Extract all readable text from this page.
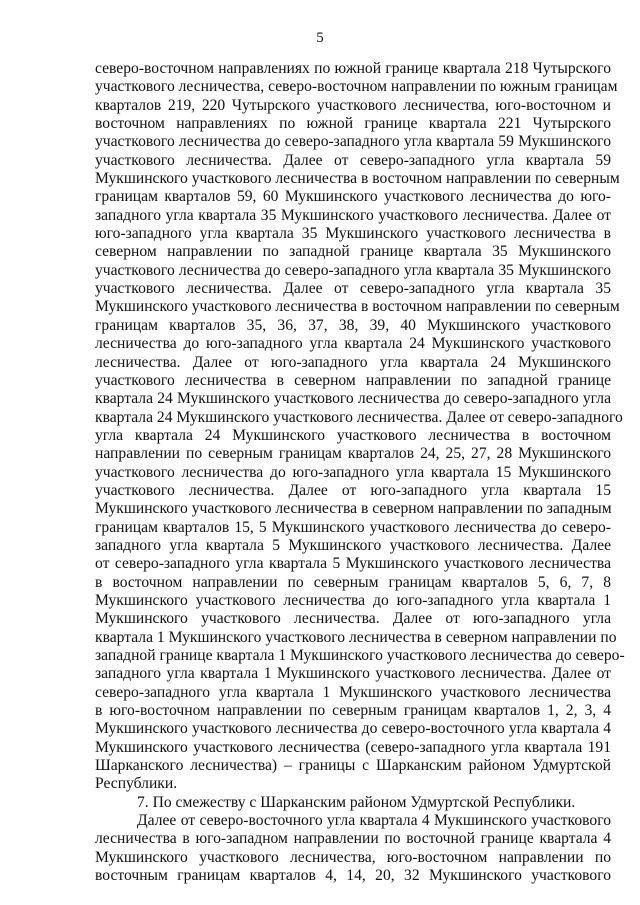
5
северо-восточном направлениях по южной границе квартала 218 Чутырского
участкового лесничества, северо-восточном направлении по южным границам
кварталов 219, 220 Чутырского участкового лесничества, юго-восточном и
восточном направлениях по южной границе квартала 221 Чутырского
участкового лесничества до северо-западного угла квартала 59 Мукшинского
участкового лесничества. Далее от северо-западного угла квартала 59
Мукшинского участкового лесничества в восточном направлении по северным
границам кварталов 59, 60 Мукшинского участкового лесничества до юго-
западного угла квартала 35 Мукшинского участкового лесничества. Далее от
юго-западного угла квартала 35 Мукшинского участкового лесничества в
северном направлении по западной границе квартала 35 Мукшинского
участкового лесничества до северо-западного угла квартала 35 Мукшинского
участкового лесничества. Далее от северо-западного угла квартала 35
Мукшинского участкового лесничества в восточном направлении по северным
границам кварталов 35, 36, 37, 38, 39, 40 Мукшинского участкового
лесничества до юго-западного угла квартала 24 Мукшинского участкового
лесничества. Далее от юго-западного угла квартала 24 Мукшинского
участкового лесничества в северном направлении по западной границе
квартала 24 Мукшинского участкового лесничества до северо-западного угла
квартала 24 Мукшинского участкового лесничества. Далее от северо-западного
угла квартала 24 Мукшинского участкового лесничества в восточном
направлении по северным границам кварталов 24, 25, 27, 28 Мукшинского
участкового лесничества до юго-западного угла квартала 15 Мукшинского
участкового лесничества. Далее от юго-западного угла квартала 15
Мукшинского участкового лесничества в северном направлении по западным
границам кварталов 15, 5 Мукшинского участкового лесничества до северо-
западного угла квартала 5 Мукшинского участкового лесничества. Далее
от северо-западного угла квартала 5 Мукшинского участкового лесничества
в восточном направлении по северным границам кварталов 5, 6, 7, 8
Мукшинского участкового лесничества до юго-западного угла квартала 1
Мукшинского участкового лесничества. Далее от юго-западного угла
квартала 1 Мукшинского участкового лесничества в северном направлении по
западной границе квартала 1 Мукшинского участкового лесничества до северо-
западного угла квартала 1 Мукшинского участкового лесничества. Далее от
северо-западного угла квартала 1 Мукшинского участкового лесничества
в юго-восточном направлении по северным границам кварталов 1, 2, 3, 4
Мукшинского участкового лесничества до северо-восточного угла квартала 4
Мукшинского участкового лесничества (северо-западного угла квартала 191
Шарканского лесничества) – границы с Шарканским районом Удмуртской
Республики.
7. По смежеству с Шарканским районом Удмуртской Республики.
Далее от северо-восточного угла квартала 4 Мукшинского участкового
лесничества в юго-западном направлении по восточной границе квартала 4
Мукшинского участкового лесничества, юго-восточном направлении по
восточным границам кварталов 4, 14, 20, 32 Мукшинского участкового
